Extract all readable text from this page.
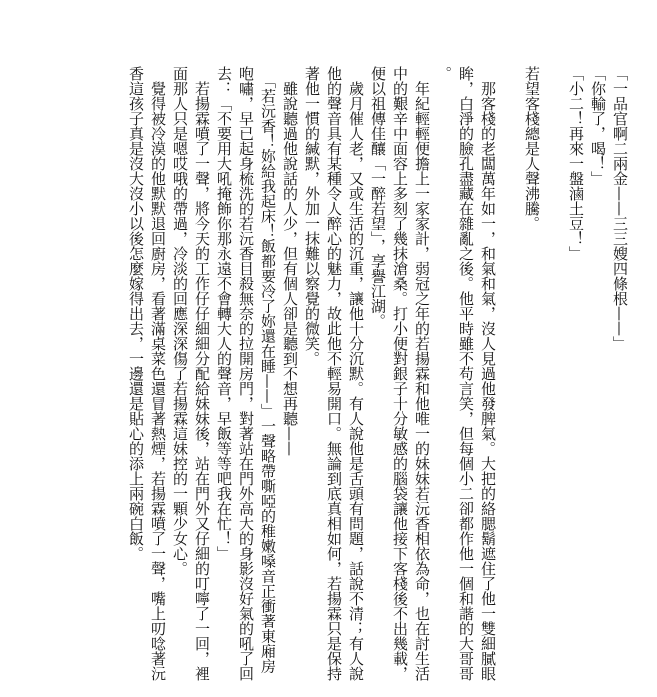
「一品官啊二兩金——三三嫂四條根——」

「你輸了，喝！」

「小二！再來一盤滷土豆！」

若望客棧總是人聲沸騰。

　那客棧的老闆萬年如一，和氣和氣，沒人見過他發脾氣。大把的絡腮鬍遮住了他一雙細膩眼眸，白淨的臉孔盡藏在雜亂之後。他平時雖不苟言笑，但每個小二卻都作他一個和諧的大哥哥。

　年紀輕輕便擔上一家家計，弱冠之年的若揚霖和他唯一的妹妹若沅香相依為命，也在討生活中的艱辛中面容上多刻了幾抹滄桑。打小便對銀子十分敏感的腦袋讓他接下客棧後不出幾載，便以祖傳佳釀「一醉若望」，享譽江湖。

　歲月催人老，又或生活的沉重，讓他十分沉默。有人說他是舌頭有問題，話說不清；有人說他的聲音具有某種令人醉心的魅力，故此他不輕易開口。無論到底真相如何，若揚霖只是保持著他一慣的緘默，外加一抹難以察覺的微笑。

　雖說聽過他說話的人少，但有個人卻是聽到不想再聽——

　「若沅香！妳給我起床！飯都要冷了妳還在睡——」一聲略帶嘶啞的稚嫩嗓音正衝著東廂房咆嘯，早已起身梳洗的若沅香目殺無奈的拉開房門，對著站在門外高大的身影沒好氣的吼了回去：「不要用大吼掩飾你那永遠不會轉大人的聲音，早飯等等吧我在忙！」

　若揚霖噴了一聲，將今天的工作仔仔細細分配給妹妹後，站在門外又仔細的叮嚀了一回，裡面那人只是嗯哎哦的帶過，冷淡的回應深深傷了若揚霖這妹控的一顆少女心。

　覺得被冷漠的他默默退回廚房，看著滿桌菜色還冒著熱煙，若揚霖噴了一聲，嘴上叨唸著沅香這孩子真是沒大沒小以後怎麼嫁得出去，一邊還是貼心的添上兩碗白飯。
